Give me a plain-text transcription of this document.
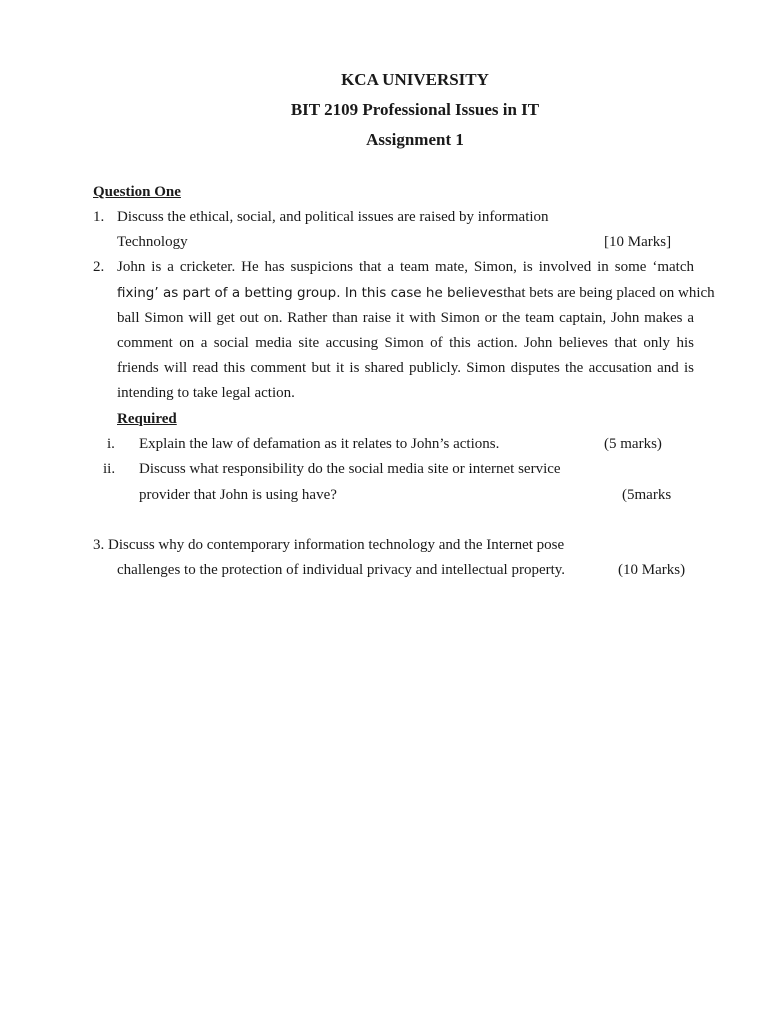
KCA UNIVERSITY
BIT 2109 Professional Issues in IT
Assignment 1
Question One
1. Discuss the ethical, social, and political issues are raised by information
Technology	[10 Marks]
2. John is a cricketer. He has suspicions that a team mate, Simon, is involved in some ‘match
fixing’ as part of a betting group. In this case he believes that bets are being placed on which
ball Simon will get out on. Rather than raise it with Simon or the team captain, John makes a
comment on a social media site accusing Simon of this action. John believes that only his
friends will read this comment but it is shared publicly. Simon disputes the accusation and is
intending to take legal action.
Required
i. Explain the law of defamation as it relates to John’s actions.	(5 marks)
ii. Discuss what responsibility do the social media site or internet service
provider that John is using have?	(5marks
3. Discuss why do contemporary information technology and the Internet pose
challenges to the protection of individual privacy and intellectual property.	(10 Marks)
